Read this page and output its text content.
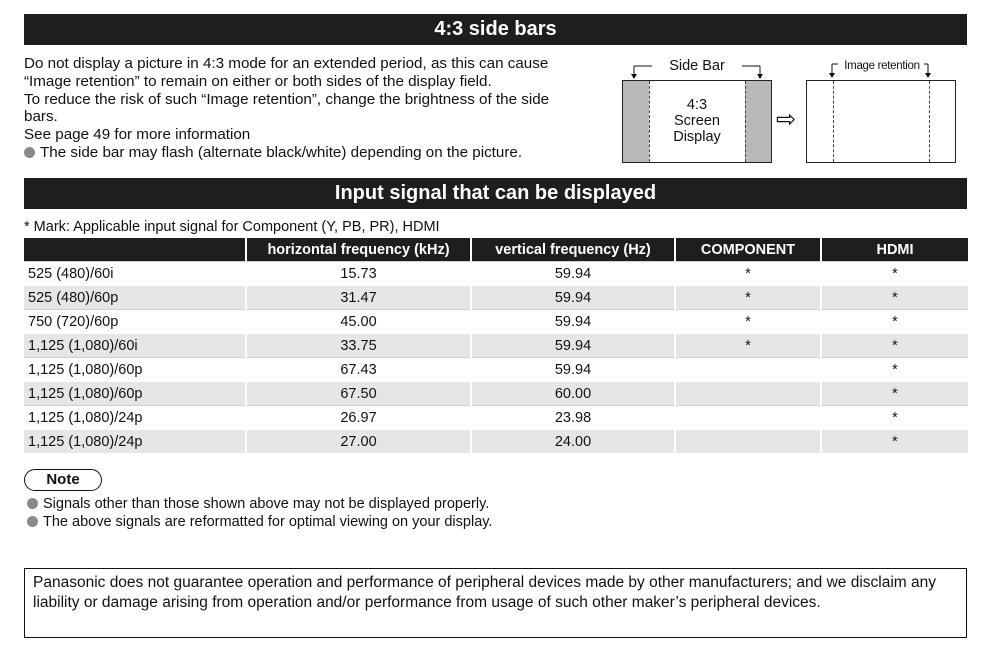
4:3 side bars
Do not display a picture in 4:3 mode for an extended period, as this can cause
“Image retention” to remain on either or both sides of the display field.
To reduce the risk of such “Image retention”, change the brightness of the side
bars.
See page 49 for more information
The side bar may flash (alternate black/white) depending on the picture.
4:3
Screen
Display
Side Bar
⇨
Image retention
Input signal that can be displayed
* Mark: Applicable input signal for Component (Y, PB, PR), HDMI
	horizontal frequency (kHz)	vertical frequency (Hz)	COMPONENT	HDMI
525 (480)/60i	15.73	59.94	*	*
525 (480)/60p	31.47	59.94	*	*
750 (720)/60p	45.00	59.94	*	*
1,125 (1,080)/60i	33.75	59.94	*	*
1,125 (1,080)/60p	67.43	59.94		*
1,125 (1,080)/60p	67.50	60.00		*
1,125 (1,080)/24p	26.97	23.98		*
1,125 (1,080)/24p	27.00	24.00		*
Note
Signals other than those shown above may not be displayed properly.
The above signals are reformatted for optimal viewing on your display.
Panasonic does not guarantee operation and performance of peripheral devices made by other manufacturers; and we disclaim any liability or damage arising from operation and/or performance from usage of such other maker’s peripheral devices.
